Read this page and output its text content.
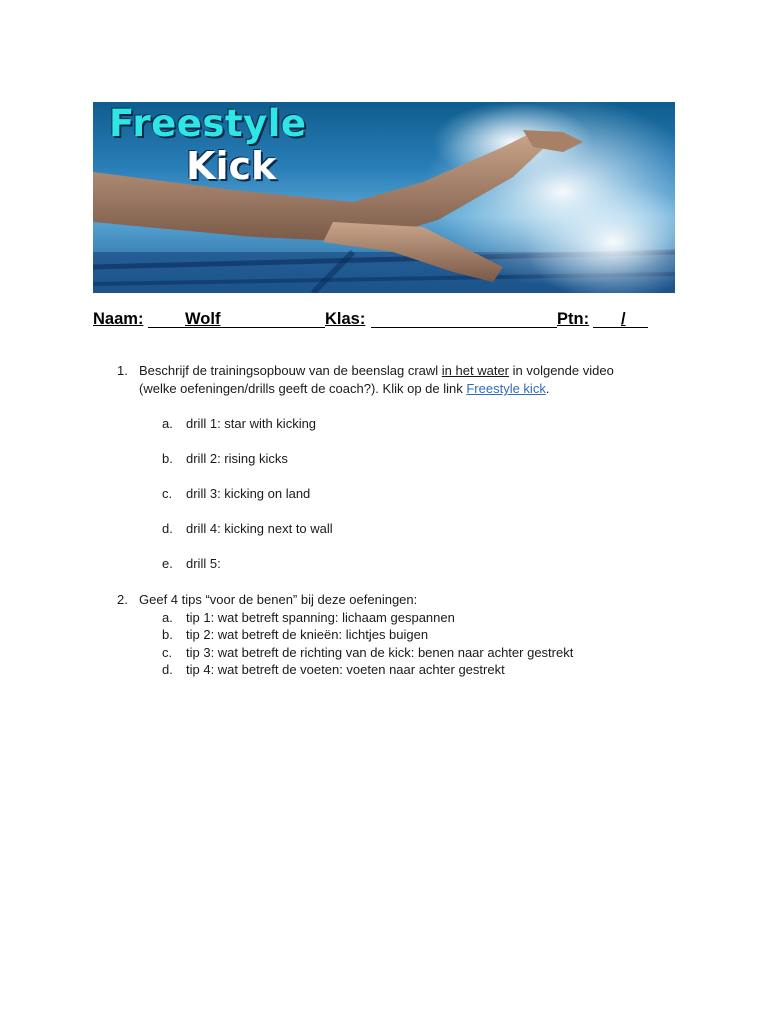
Freestyle
Kick
Naam:	Wolf	Klas:	Ptn: /
1. Beschrijf de trainingsopbouw van de beenslag crawl in het water in volgende video
(welke oefeningen/drills geeft de coach?). Klik op de link Freestyle kick.
a. drill 1: star with kicking
b. drill 2: rising kicks
c. drill 3: kicking on land
d. drill 4: kicking next to wall
e. drill 5:
2. Geef 4 tips “voor de benen” bij deze oefeningen:
a. tip 1: wat betreft spanning: lichaam gespannen
b. tip 2: wat betreft de knieën: lichtjes buigen
c. tip 3: wat betreft de richting van de kick: benen naar achter gestrekt
d. tip 4: wat betreft de voeten: voeten naar achter gestrekt
